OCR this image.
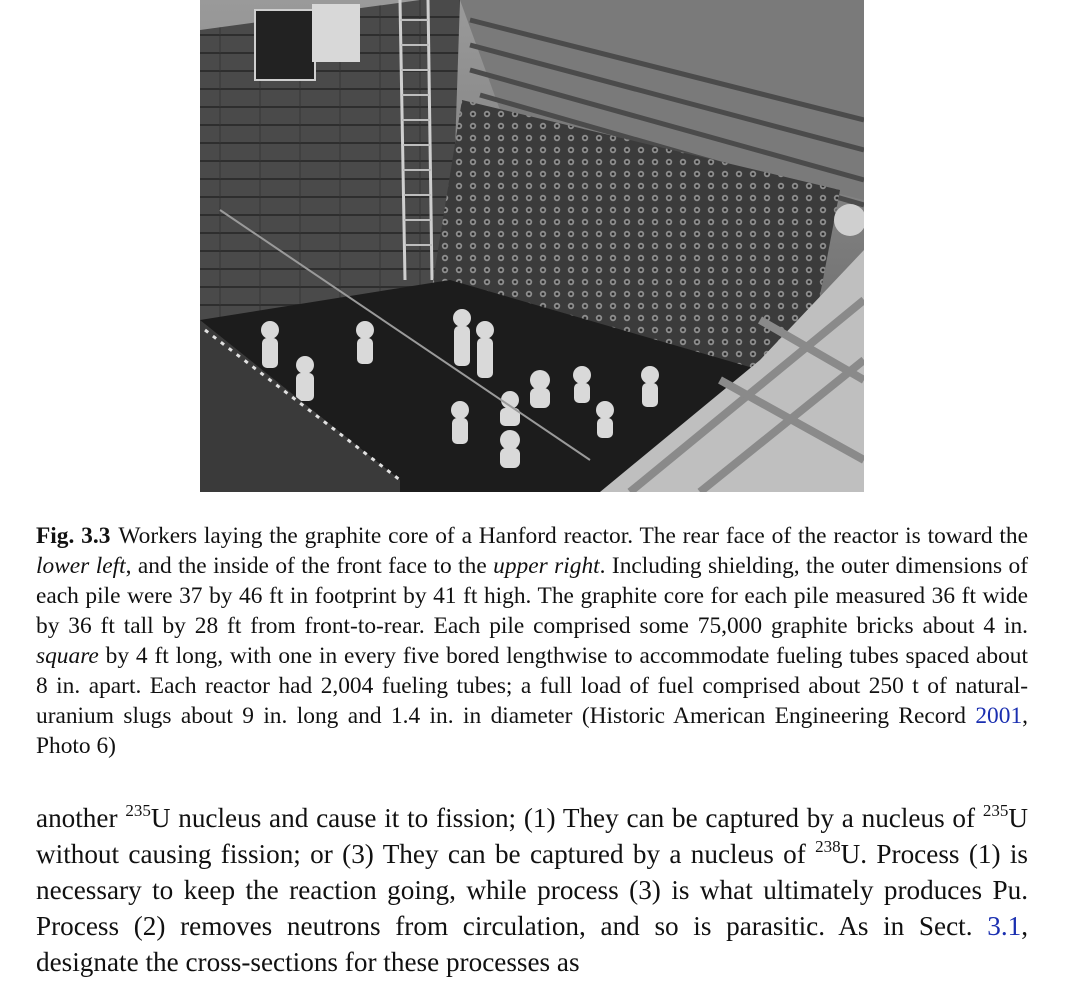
Fig. 3.3 Workers laying the graphite core of a Hanford reactor. The rear face of the reactor is toward the lower left, and the inside of the front face to the upper right. Including shielding, the outer dimensions of each pile were 37 by 46 ft in footprint by 41 ft high. The graphite core for each pile measured 36 ft wide by 36 ft tall by 28 ft from front-to-rear. Each pile comprised some 75,000 graphite bricks about 4 in. square by 4 ft long, with one in every five bored lengthwise to accommodate fueling tubes spaced about 8 in. apart. Each reactor had 2,004 fueling tubes; a full load of fuel comprised about 250 t of natural-uranium slugs about 9 in. long and 1.4 in. in diameter (Historic American Engineering Record 2001, Photo 6)
another $^{235}$U nucleus and cause it to fission; (1) They can be captured by a nucleus of $^{235}$U without causing fission; or (3) They can be captured by a nucleus of $^{238}$U. Process (1) is necessary to keep the reaction going, while process (3) is what ultimately produces Pu. Process (2) removes neutrons from circulation, and so is parasitic. As in Sect. 3.1, designate the cross-sections for these processes as
